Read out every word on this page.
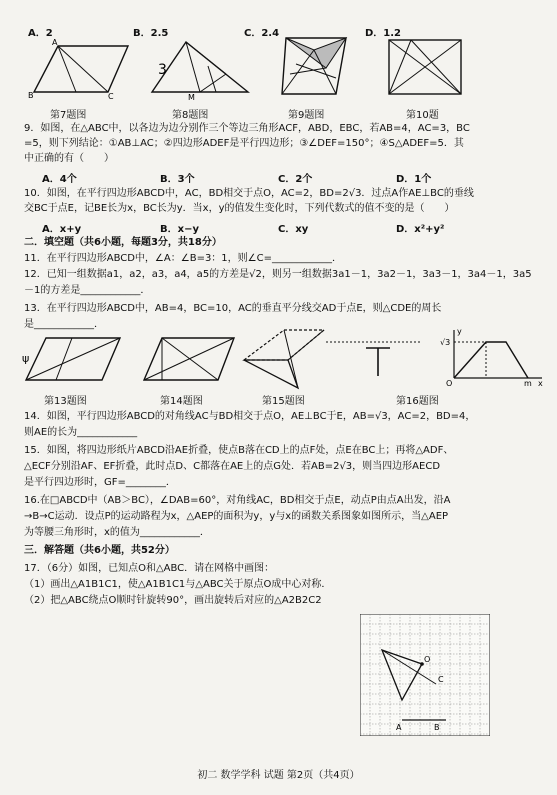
A．2	B．2.5	C．2.4	D．1.2
A
B	C
3
M
第7题图	第8题图	第9题图	第10题
9．如图，在△ABC中，以各边为边分别作三个等边三角形ACF，ABD，EBC，若AB=4，AC=3，BC
=5，则下列结论：①AB⊥AC；②四边形ADEF是平行四边形；③∠DEF=150°；④S△ADEF=5．其
中正确的有（　　）
A．4个	B．3个	C．2个	D．1个
10．如图，在平行四边形ABCD中，AC，BD相交于点O，AC=2，BD=2√3．过点A作AE⊥BC的垂线
交BC于点E，记BE长为x，BC长为y．当x，y的值发生变化时，下列代数式的值不变的是（　　）
A．x+y	B．x−y	C．xy	D．x²+y²
二．填空题（共6小题，每题3分，共18分）
11．在平行四边形ABCD中，∠A：∠B=3：1，则∠C=____________．
12．已知一组数据a1，a2，a3，a4，a5的方差是√2，则另一组数据3a1－1，3a2－1，3a3－1，3a4－1，3a5
－1的方差是____________．
13．在平行四边形ABCD中，AB=4，BC=10，AC的垂直平分线交AD于点E，则△CDE的周长
是____________．
ψ
√3
O	m x
y
第13题图	第14题图	第15题图	第16题图
14．如图，平行四边形ABCD的对角线AC与BD相交于点O，AE⊥BC于E，AB=√3，AC=2，BD=4，
则AE的长为____________
15．如图，将四边形纸片ABCD沿AE折叠，使点B落在CD上的点F处，点E在BC上；再将△ADF、
△ECF分别沿AF、EF折叠，此时点D、C都落在AE上的点G处．若AB=2√3，则当四边形AECD
是平行四边形时，GF=________．
16.在□ABCD中（AB＞BC），∠DAB=60°，对角线AC，BD相交于点E，动点P由点A出发，沿A
→B→C运动．设点P的运动路程为x，△AEP的面积为y，y与x的函数关系图象如图所示，当△AEP
为等腰三角形时，x的值为____________．
三．解答题（共6小题，共52分）
17．（6分）如图，已知点O和△ABC．请在网格中画图：
（1）画出△A1B1C1，使△A1B1C1与△ABC关于原点O成中心对称．
（2）把△ABC绕点O顺时针旋转90°，画出旋转后对应的△A2B2C2
O
C
A	B
初二 数学学科 试题 第2页（共4页）
